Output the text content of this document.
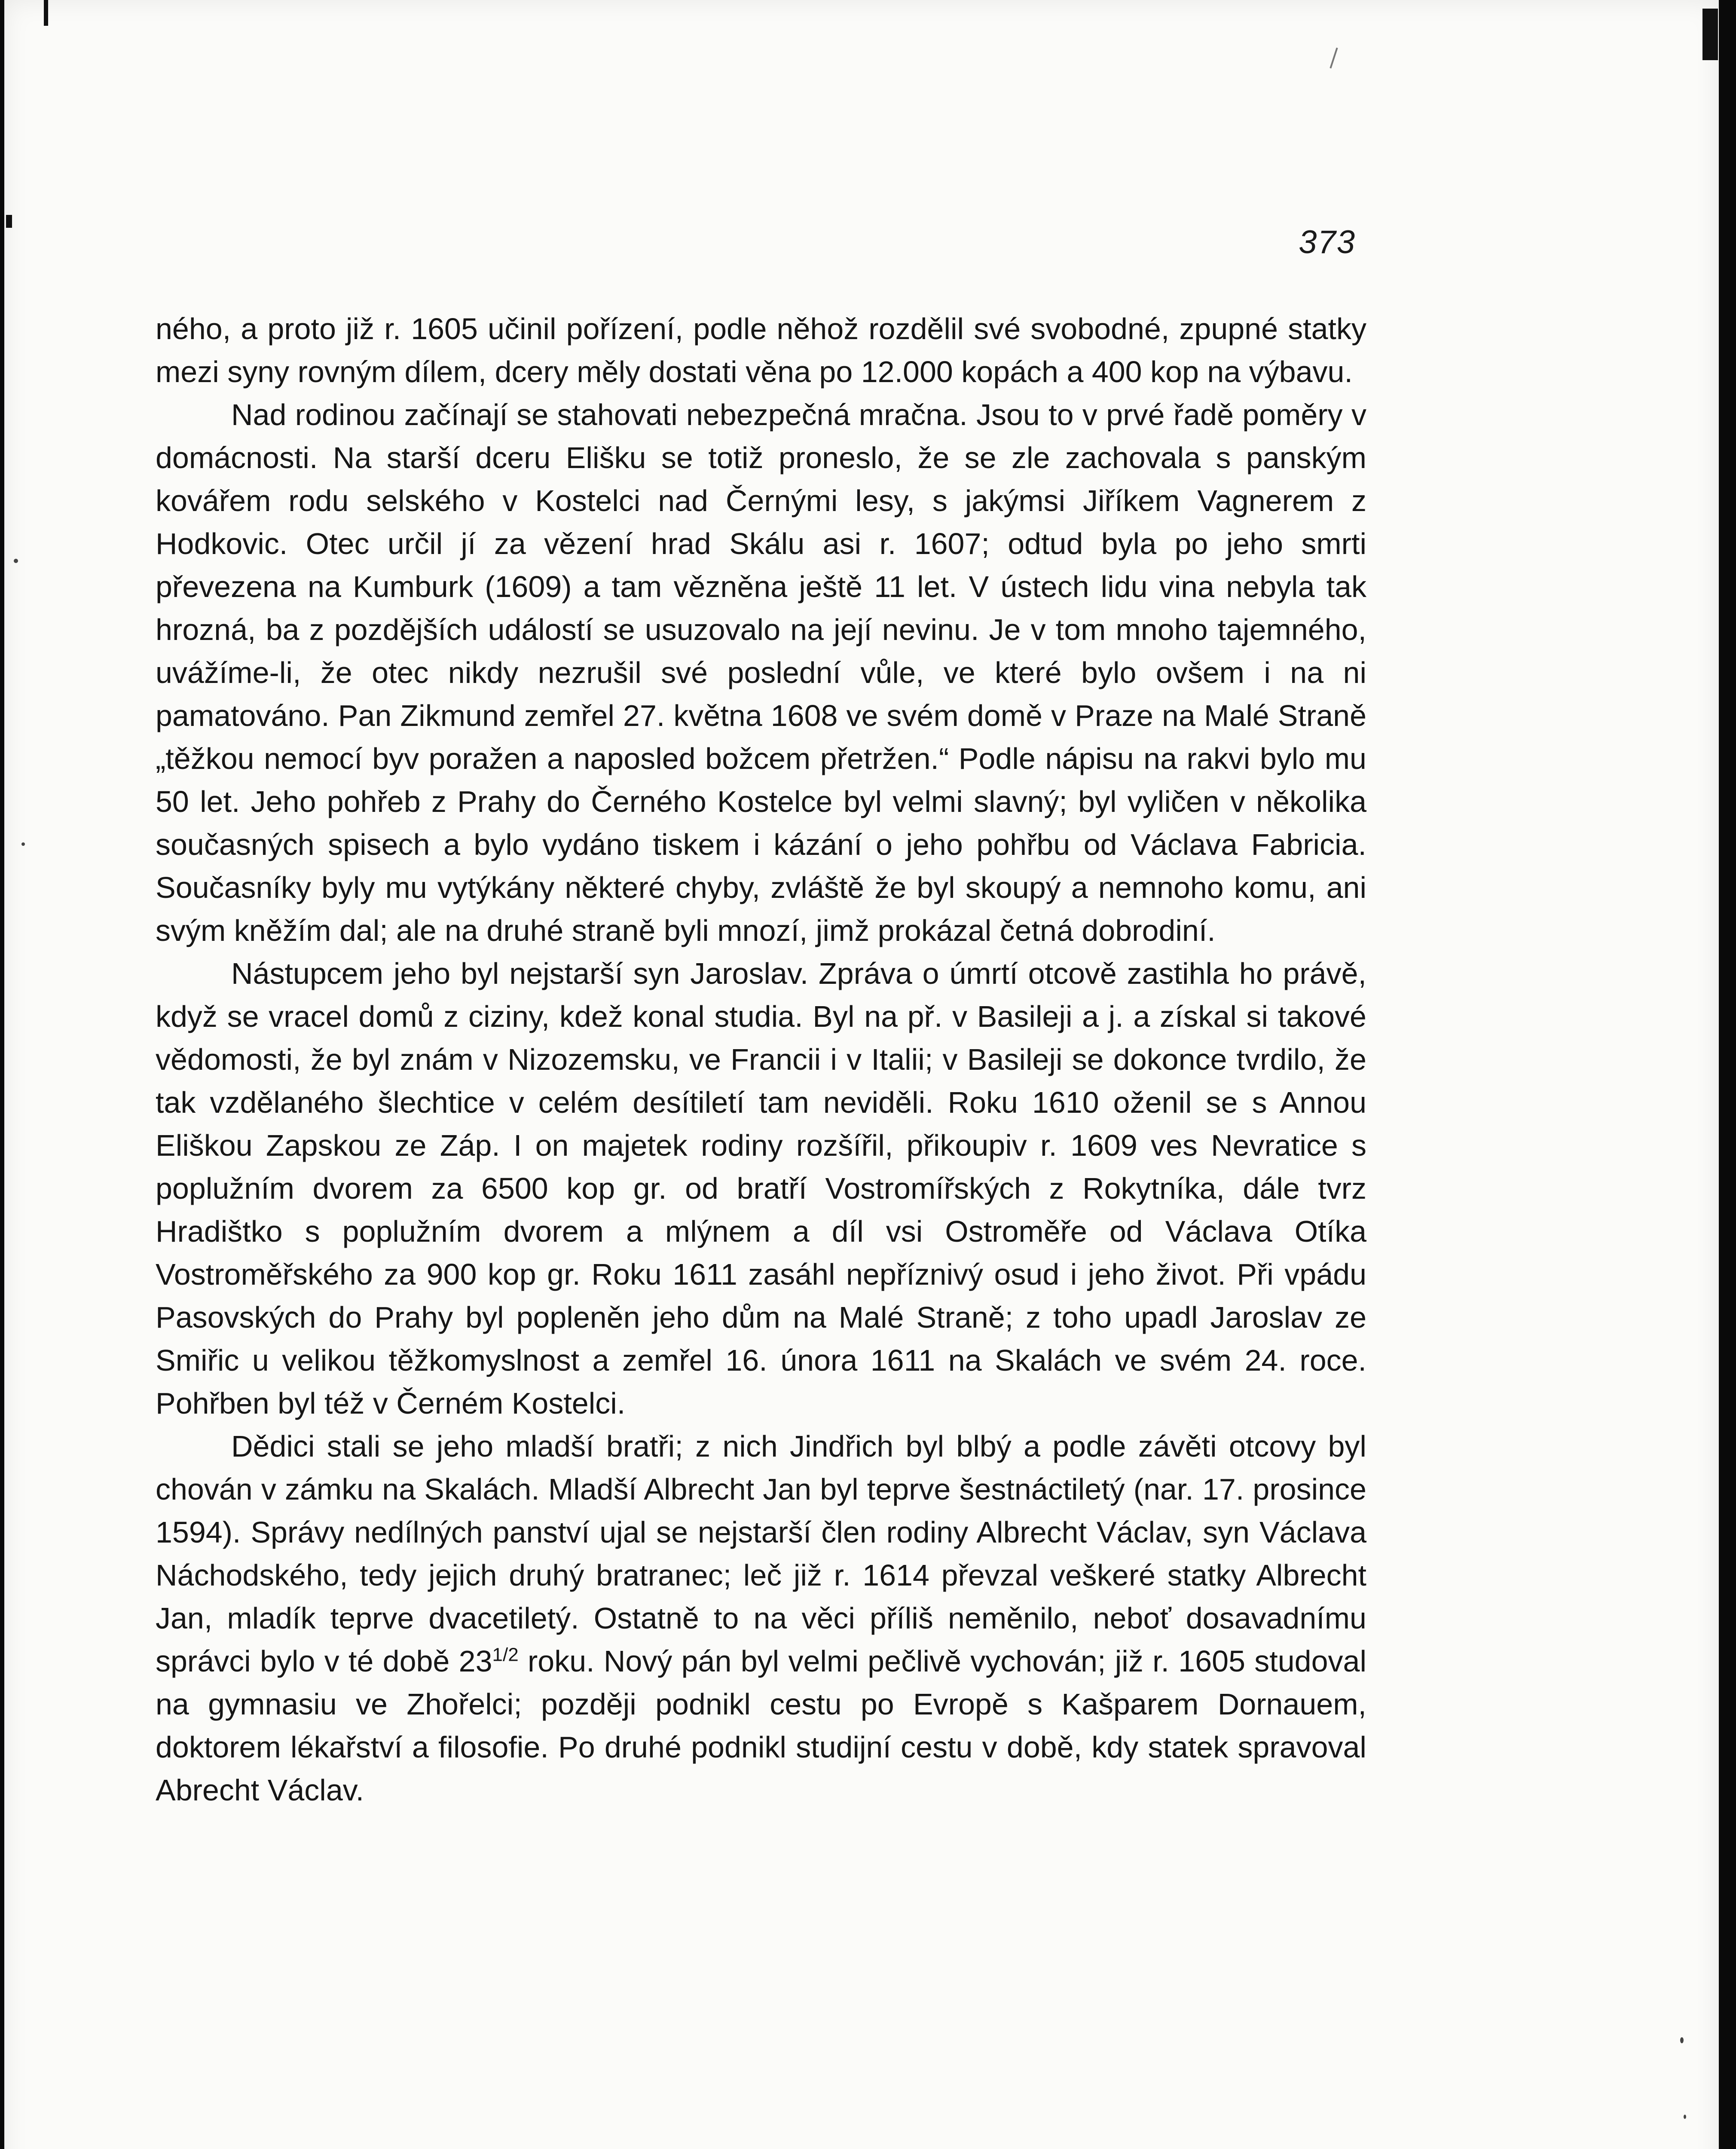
373

ného, a proto již r. 1605 učinil pořízení, podle něhož rozdělil své svobodné, zpupné statky mezi syny rovným dílem, dcery měly dostati věna po 12.000 kopách a 400 kop na výbavu.

Nad rodinou začínají se stahovati nebezpečná mračna. Jsou to v prvé řadě poměry v domácnosti. Na starší dceru Elišku se totiž proneslo, že se zle zachovala s panským kovářem rodu selského v Kostelci nad Černými lesy, s jakýmsi Jiříkem Vagnerem z Hodkovic. Otec určil jí za vězení hrad Skálu asi r. 1607; odtud byla po jeho smrti převezena na Kumburk (1609) a tam vězněna ještě 11 let. V ústech lidu vina nebyla tak hrozná, ba z pozdějších událostí se usuzovalo na její nevinu. Je v tom mnoho tajemného, uvážíme-li, že otec nikdy nezrušil své poslední vůle, ve které bylo ovšem i na ni pamatováno. Pan Zikmund zemřel 27. května 1608 ve svém domě v Praze na Malé Straně „těžkou nemocí byv poražen a naposled božcem přetržen.“ Podle nápisu na rakvi bylo mu 50 let. Jeho pohřeb z Prahy do Černého Kostelce byl velmi slavný; byl vyličen v několika současných spisech a bylo vydáno tiskem i kázání o jeho pohřbu od Václava Fabricia. Současníky byly mu vytýkány některé chyby, zvláště že byl skoupý a nemnoho komu, ani svým kněžím dal; ale na druhé straně byli mnozí, jimž prokázal četná dobrodiní.

Nástupcem jeho byl nejstarší syn Jaroslav. Zpráva o úmrtí otcově zastihla ho právě, když se vracel domů z ciziny, kdež konal studia. Byl na př. v Basileji a j. a získal si takové vědomosti, že byl znám v Nizozemsku, ve Francii i v Italii; v Basileji se dokonce tvrdilo, že tak vzdělaného šlechtice v celém desítiletí tam neviděli. Roku 1610 oženil se s Annou Eliškou Zapskou ze Záp. I on majetek rodiny rozšířil, přikoupiv r. 1609 ves Nevratice s poplužním dvorem za 6500 kop gr. od bratří Vostromířských z Rokytníka, dále tvrz Hradištko s poplužním dvorem a mlýnem a díl vsi Ostroměře od Václava Otíka Vostroměřského za 900 kop gr. Roku 1611 zasáhl nepříznivý osud i jeho život. Při vpádu Pasovských do Prahy byl popleněn jeho dům na Malé Straně; z toho upadl Jaroslav ze Smiřic u velikou těžkomyslnost a zemřel 16. února 1611 na Skalách ve svém 24. roce. Pohřben byl též v Černém Kostelci.

Dědici stali se jeho mladší bratři; z nich Jindřich byl blbý a podle závěti otcovy byl chován v zámku na Skalách. Mladší Albrecht Jan byl teprve šestnáctiletý (nar. 17. prosince 1594). Správy nedílných panství ujal se nejstarší člen rodiny Albrecht Václav, syn Václava Náchodského, tedy jejich druhý bratranec; leč již r. 1614 převzal veškeré statky Albrecht Jan, mladík teprve dvacetiletý. Ostatně to na věci příliš neměnilo, neboť dosavadnímu správci bylo v té době $23^{1/2}$ roku. Nový pán byl velmi pečlivě vychován; již r. 1605 studoval na gymnasiu ve Zhořelci; později podnikl cestu po Evropě s Kašparem Dornauem, doktorem lékařství a filosofie. Po druhé podnikl studijní cestu v době, kdy statek spravoval Abrecht Václav.
